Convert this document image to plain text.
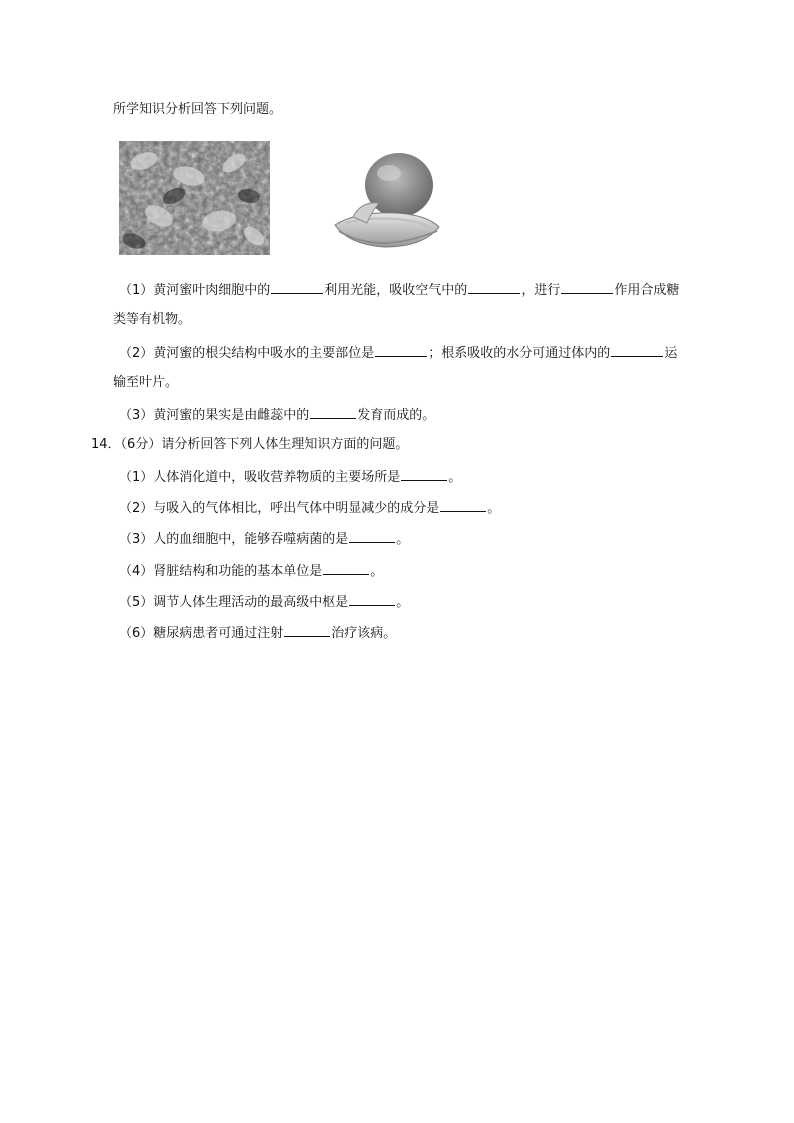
所学知识分析回答下列问题。
（1）黄河蜜叶肉细胞中的	利用光能，吸收空气中的	，进行	作用合成糖
类等有机物。
（2）黄河蜜的根尖结构中吸水的主要部位是	；根系吸收的水分可通过体内的	运
输至叶片。
（3）黄河蜜的果实是由雌蕊中的	发育而成的。
14．（6分）请分析回答下列人体生理知识方面的问题。
（1）人体消化道中，吸收营养物质的主要场所是	。
（2）与吸入的气体相比，呼出气体中明显减少的成分是	。
（3）人的血细胞中，能够吞噬病菌的是	。
（4）肾脏结构和功能的基本单位是	。
（5）调节人体生理活动的最高级中枢是	。
（6）糖尿病患者可通过注射	治疗该病。
